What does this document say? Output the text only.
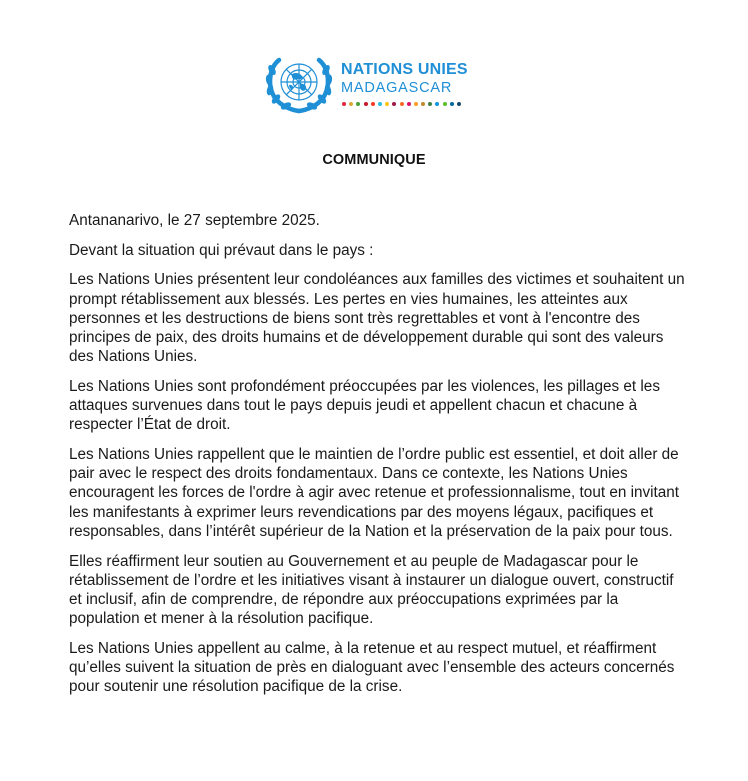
NATIONS UNIES
MADAGASCAR
COMMUNIQUE

Antananarivo, le 27 septembre 2025.

Devant la situation qui prévaut dans le pays :

Les Nations Unies présentent leur condoléances aux familles des victimes et souhaitent un prompt rétablissement aux blessés. Les pertes en vies humaines, les atteintes aux personnes et les destructions de biens sont très regrettables et vont à l'encontre des principes de paix, des droits humains et de développement durable qui sont des valeurs des Nations Unies.

Les Nations Unies sont profondément préoccupées par les violences, les pillages et les attaques survenues dans tout le pays depuis jeudi et appellent chacun et chacune à respecter l’État de droit.

Les Nations Unies rappellent que le maintien de l’ordre public est essentiel, et doit aller de pair avec le respect des droits fondamentaux. Dans ce contexte, les Nations Unies encouragent les forces de l'ordre à agir avec retenue et professionnalisme, tout en invitant les manifestants à exprimer leurs revendications par des moyens légaux, pacifiques et responsables, dans l’intérêt supérieur de la Nation et la préservation de la paix pour tous.

Elles réaffirment leur soutien au Gouvernement et au peuple de Madagascar pour le rétablissement de l’ordre et les initiatives visant à instaurer un dialogue ouvert, constructif et inclusif, afin de comprendre, de répondre aux préoccupations exprimées par la population et mener à la résolution pacifique.

Les Nations Unies appellent au calme, à la retenue et au respect mutuel, et réaffirment qu’elles suivent la situation de près en dialoguant avec l’ensemble des acteurs concernés pour soutenir une résolution pacifique de la crise.
